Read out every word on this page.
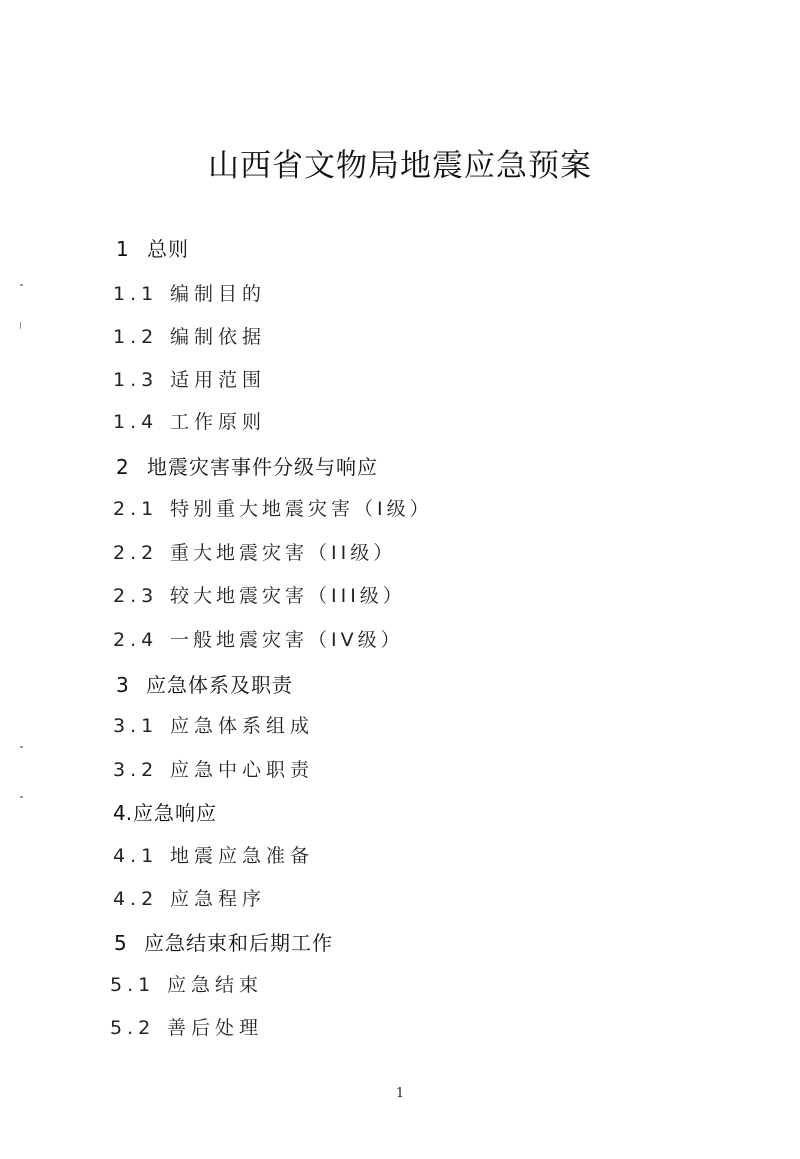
山西省文物局地震应急预案
1 总则
1.1 编制目的
1.2 编制依据
1.3 适用范围
1.4 工作原则
2 地震灾害事件分级与响应
2.1 特别重大地震灾害（I级）
2.2 重大地震灾害（II级）
2.3 较大地震灾害（III级）
2.4 一般地震灾害（IV级）
3 应急体系及职责
3.1 应急体系组成
3.2 应急中心职责
4. 应急响应
4.1 地震应急准备
4.2 应急程序
5 应急结束和后期工作
5.1 应急结束
5.2 善后处理
1
